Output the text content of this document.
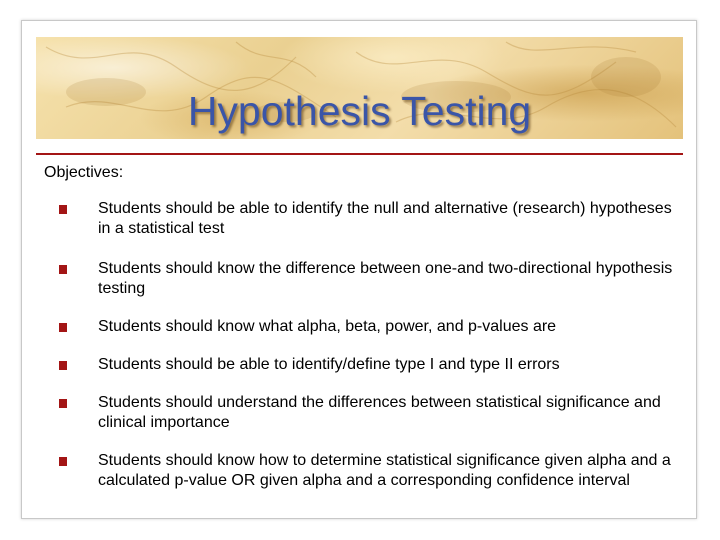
Hypothesis Testing
Objectives:
Students should be able to identify the null and alternative (research) hypotheses in a statistical test
Students should know the difference between one-and two-directional hypothesis testing
Students should know what alpha, beta, power, and p-values are
Students should be able to identify/define type I and type II errors
Students should understand the differences between statistical significance and clinical importance
Students should know how to determine statistical significance given alpha and a calculated p-value OR given alpha and a corresponding confidence interval
